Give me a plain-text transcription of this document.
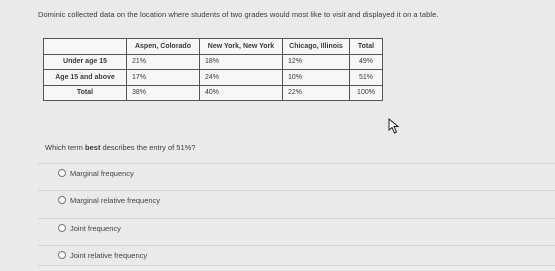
Dominic collected data on the location where students of two grades would most like to visit and displayed it on a table.
	Aspen, Colorado	New York, New York	Chicago, Illinois	Total
Under age 15	21%	18%	12%	49%
Age 15 and above	17%	24%	10%	51%
Total	38%	40%	22%	100%
Which term best describes the entry of 51%?
Marginal frequency
Marginal relative frequency
Joint frequency
Joint relative frequency
